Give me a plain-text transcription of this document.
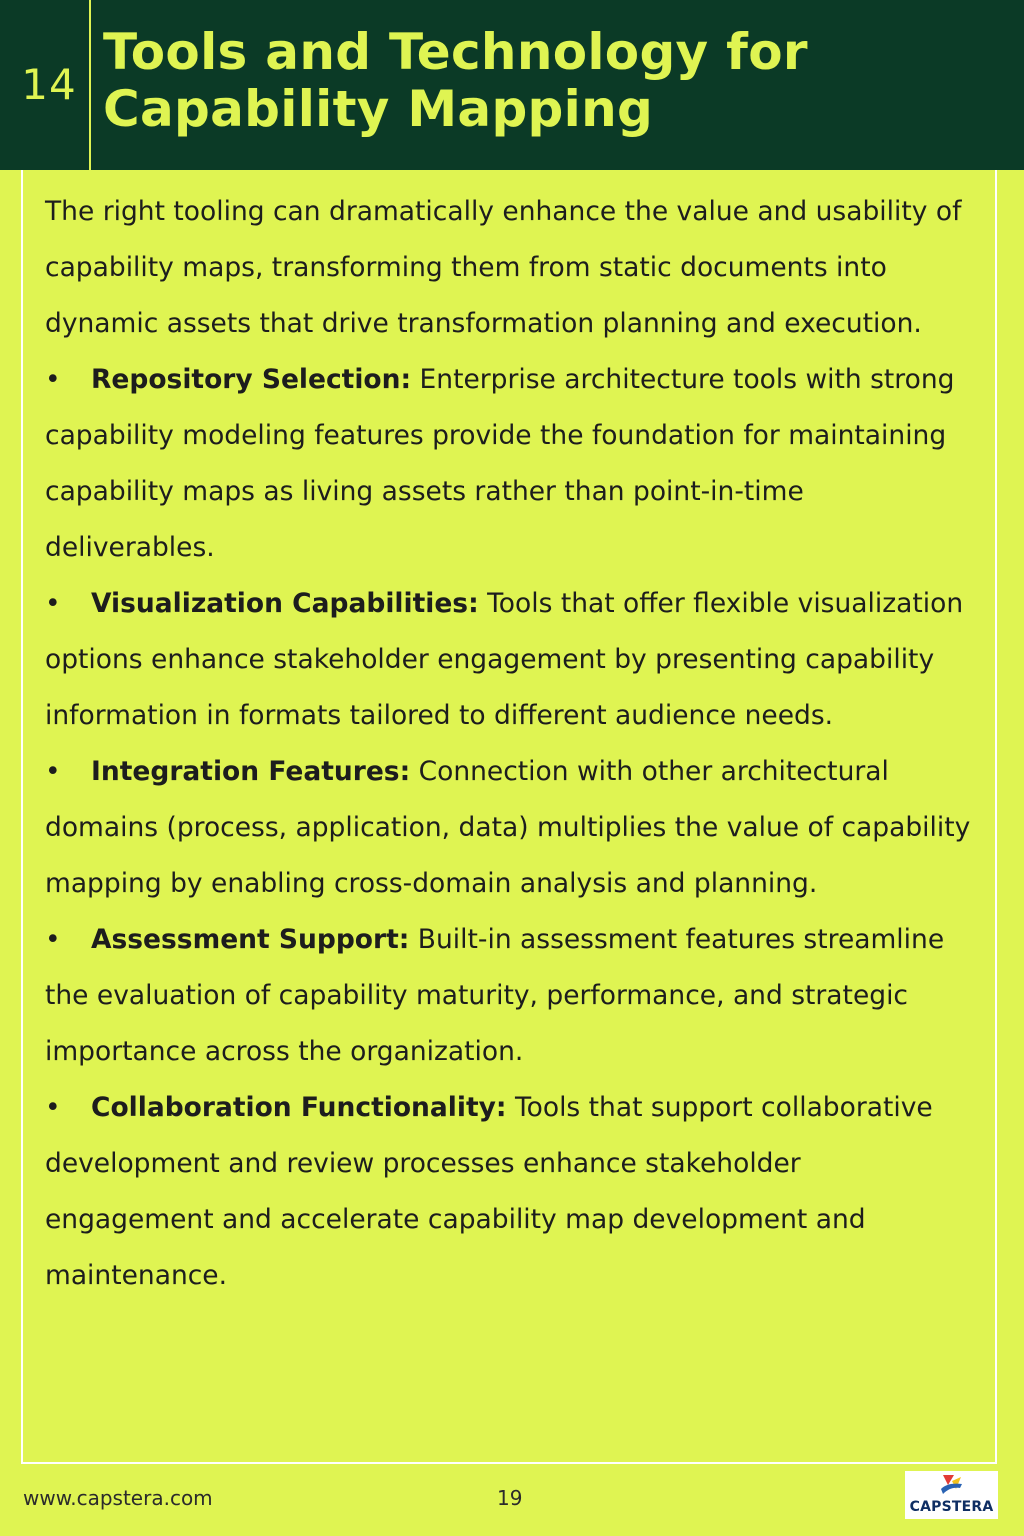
14
Tools and Technology for Capability Mapping

The right tooling can dramatically enhance the value and usability of capability maps, transforming them from static documents into dynamic assets that drive transformation planning and execution.

• Repository Selection: Enterprise architecture tools with strong capability modeling features provide the foundation for maintaining capability maps as living assets rather than point-in-time deliverables.

• Visualization Capabilities: Tools that offer flexible visualization options enhance stakeholder engagement by presenting capability information in formats tailored to different audience needs.

• Integration Features: Connection with other architectural domains (process, application, data) multiplies the value of capability mapping by enabling cross-domain analysis and planning.

• Assessment Support: Built-in assessment features streamline the evaluation of capability maturity, performance, and strategic importance across the organization.

• Collaboration Functionality: Tools that support collaborative development and review processes enhance stakeholder engagement and accelerate capability map development and maintenance.

www.capstera.com	19	CAPSTERA
